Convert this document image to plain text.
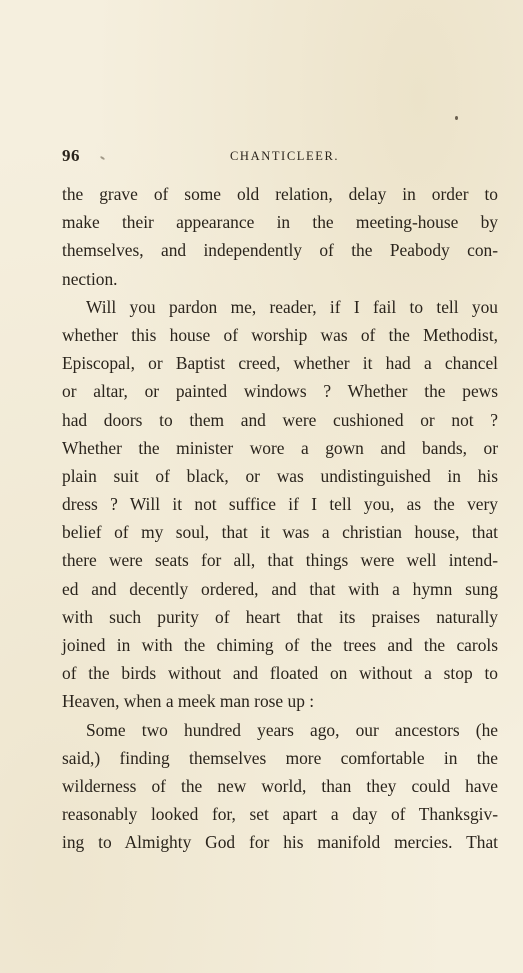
96	CHANTICLEER.
the grave of some old relation, delay in order to
make their appearance in the meeting-house by
themselves, and independently of the Peabody con-
nection.
Will you pardon me, reader, if I fail to tell you
whether this house of worship was of the Methodist,
Episcopal, or Baptist creed, whether it had a chancel
or altar, or painted windows ? Whether the pews
had doors to them and were cushioned or not ?
Whether the minister wore a gown and bands, or
plain suit of black, or was undistinguished in his
dress ? Will it not suffice if I tell you, as the very
belief of my soul, that it was a christian house, that
there were seats for all, that things were well intend-
ed and decently ordered, and that with a hymn sung
with such purity of heart that its praises naturally
joined in with the chiming of the trees and the carols
of the birds without and floated on without a stop to
Heaven, when a meek man rose up :
Some two hundred years ago, our ancestors (he
said,) finding themselves more comfortable in the
wilderness of the new world, than they could have
reasonably looked for, set apart a day of Thanksgiv-
ing to Almighty God for his manifold mercies. That
